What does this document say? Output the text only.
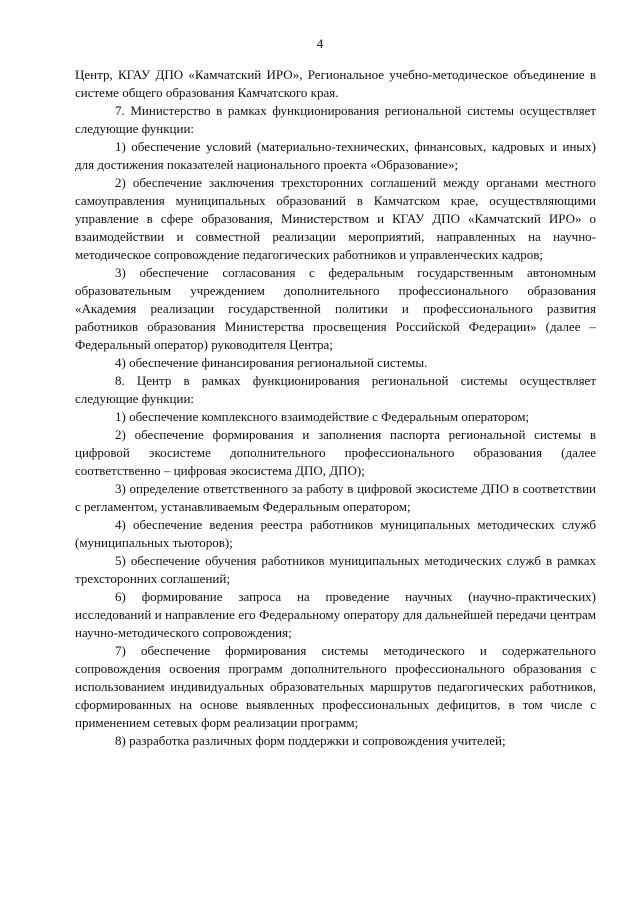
4

Центр, КГАУ ДПО «Камчатский ИРО», Региональное учебно-методическое объединение в системе общего образования Камчатского края.

7. Министерство в рамках функционирования региональной системы осуществляет следующие функции:

1) обеспечение условий (материально-технических, финансовых, кадровых и иных) для достижения показателей национального проекта «Образование»;

2) обеспечение заключения трехсторонних соглашений между органами местного самоуправления муниципальных образований в Камчатском крае, осуществляющими управление в сфере образования, Министерством и КГАУ ДПО «Камчатский ИРО» о взаимодействии и совместной реализации мероприятий, направленных на научно-методическое сопровождение педагогических работников и управленческих кадров;

3) обеспечение согласования с федеральным государственным автономным образовательным учреждением дополнительного профессионального образования «Академия реализации государственной политики и профессионального развития работников образования Министерства просвещения Российской Федерации» (далее – Федеральный оператор) руководителя Центра;

4) обеспечение финансирования региональной системы.

8. Центр в рамках функционирования региональной системы осуществляет следующие функции:

1) обеспечение комплексного взаимодействие с Федеральным оператором;

2) обеспечение формирования и заполнения паспорта региональной системы в цифровой экосистеме дополнительного профессионального образования (далее соответственно – цифровая экосистема ДПО, ДПО);

3) определение ответственного за работу в цифровой экосистеме ДПО в соответствии с регламентом, устанавливаемым Федеральным оператором;

4) обеспечение ведения реестра работников муниципальных методических служб (муниципальных тьюторов);

5) обеспечение обучения работников муниципальных методических служб в рамках трехсторонних соглашений;

6) формирование запроса на проведение научных (научно-практических) исследований и направление его Федеральному оператору для дальнейшей передачи центрам научно-методического сопровождения;

7) обеспечение формирования системы методического и содержательного сопровождения освоения программ дополнительного профессионального образования с использованием индивидуальных образовательных маршрутов педагогических работников, сформированных на основе выявленных профессиональных дефицитов, в том числе с применением сетевых форм реализации программ;

8) разработка различных форм поддержки и сопровождения учителей;
